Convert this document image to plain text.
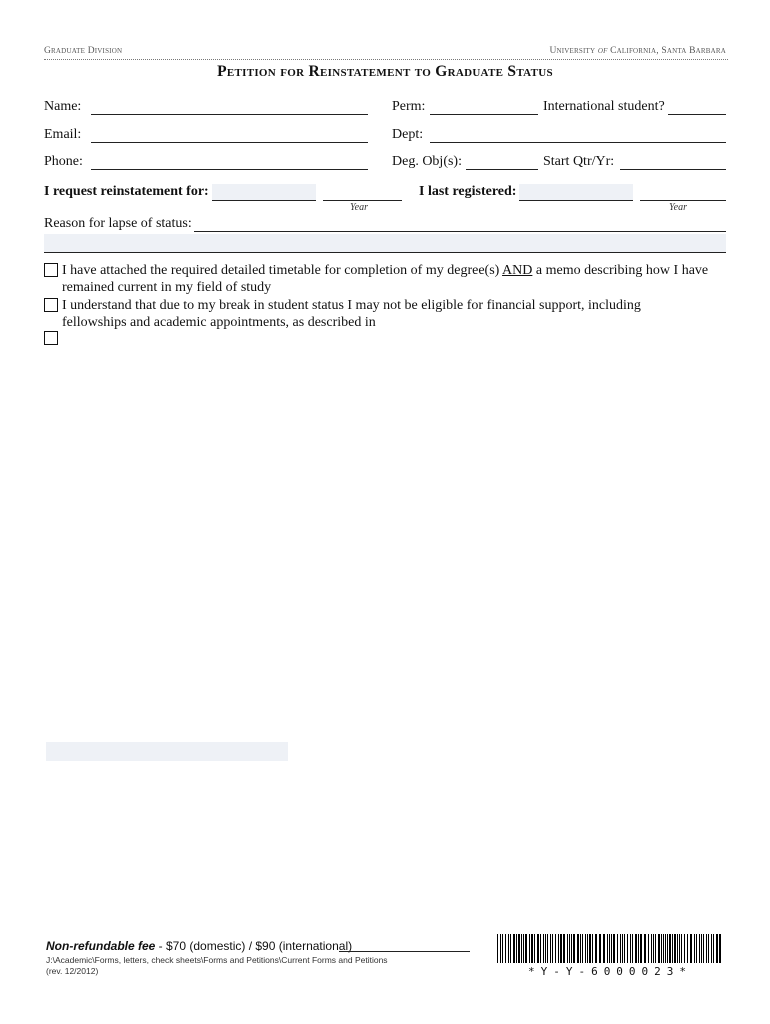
Graduate Division	University of California, Santa Barbara
Petition for Reinstatement to Graduate Status
Name:	Perm:	International student?
Email:	Dept:
Phone:	Deg. Obj(s):	Start Qtr/Yr:
I request reinstatement for:
Year
I last registered:
Year
Reason for lapse of status:
I have attached the required detailed timetable for completion of my degree(s) AND a memo describing how I have
remained current in my field of study
I understand that due to my break in student status I may not be eligible for financial support, including
fellowships and academic appointments, as described in
Non-refundable fee - $70 (domestic) / $90 (international)
J:\Academic\Forms, letters, check sheets\Forms and Petitions\Current Forms and Petitions
(rev. 12/2012)	*Y-Y-6000023*
